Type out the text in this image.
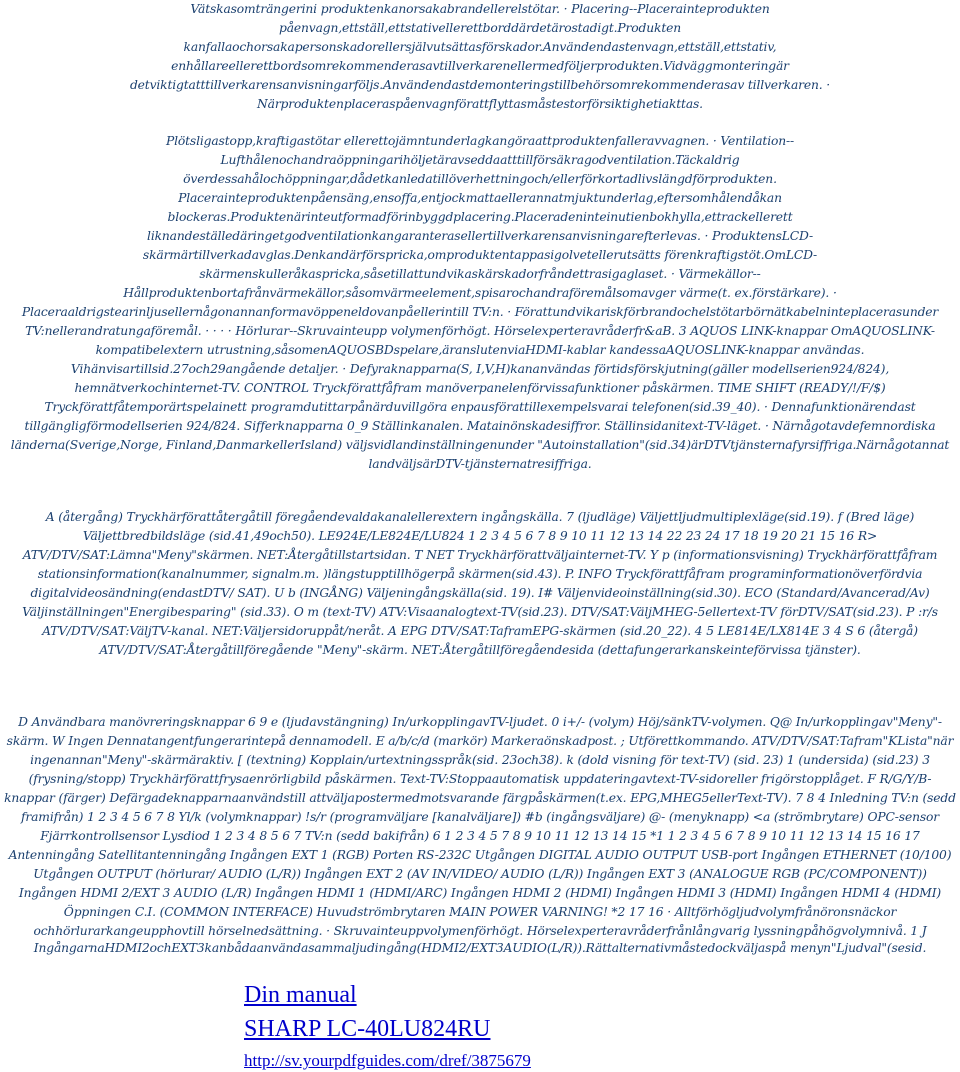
Vätskasomträngerini produktenkanorsakabrandellerelstötar. · Placering--Placerainteprodukten påenvagn,ettställ,ettstativellerettborddärdetärostadigt.Produkten kanfallaochorsakapersonskadorellersjälvutsättasförskador.Användendastenvagn,ettställ,ettstativ, enhållareellerettbordsomrekommenderasavtillverkarenellermedföljerprodukten.Vidväggmonteringär detviktigtatttillverkarensanvisningarföljs.Användendastdemonteringstillbehörsomrekommenderasav tillverkaren. · Närproduktenplaceraspåenvagnförattflyttasmåstestorförsiktighetiakttas.
Plötsligastopp,kraftigastötar ellerettojämntunderlagkangöraattproduktenfalleravvagnen. · Ventilation--Lufthålenochandraöppningarihöljetäravseddaatttillförsäkragodventilation.Täckaldrig överdessahålochöppningar,dådetkanledatillöverhettningoch/ellerförkortadlivslängdförprodukten. Placerainteproduktenpåensäng,ensoffa,entjockmattaellerannatmjuktunderlag,eftersomhålendåkan blockeras.Produktenärinteutformadförinbyggdplacering.Placeradeninteinutienbokhylla,ettrackellerett liknandeställedäringetgodventilationkangaranterasellertillverkarensanvisningarefterlevas. · ProduktensLCD-skärmärtillverkadavglas.Denkandärförspricka,omproduktentappasigolvetellerutsätts förenkraftigstöt.OmLCD-skärmenskulleråkaspricka,såsetillattundvikaskärskadorfråndettrasigaglaset. · Värmekällor--Hållproduktenbortafrånvärmekällor,såsomvärmeelement,spisarochandraföremålsomavger värme(t. ex.förstärkare). · Placeraaldrigstearinljusellernågonannanformavöppeneldovanpåellerintill TV:n. · Förattundvikariskförbrandochelstötarbörnätkabelninteplacerasunder TV:nellerandratungaföremål. · · · · Hörlurar--Skruvainteupp volymenförhögt. Hörselexperteravråderfr&aB. 3 AQUOS LINK-knappar OmAQUOSLINK-kompatibelextern utrustning,såsomenAQUOSBDspelare,äranslutenviaHDMI-kablar kandessaAQUOSLINK-knappar användas. Vihänvisartillsid.27och29angående detaljer. · Defyraknapparna(S, I,V,H)kananvändas förtidsförskjutning(gäller modellserien924/824), hemnätverkochinternet-TV. CONTROL Tryckförattfåfram manöverpanelenförvissafunktioner påskärmen. TIME SHIFT (READY/!/F/$) Tryckförattfåtemporärtspelainett programdutittarpånärduvillgöra enpausförattillexempelsvarai telefonen(sid.39_40). · Dennafunktionärendast tillgängligförmodellserien 924/824. Sifferknapparna 0_9 Ställinkanalen. Matainönskadesiffror. Ställinsidanitext-TV-läget. · Närnågotavdefemnordiska länderna(Sverige,Norge, Finland,DanmarkellerIsland) väljsvidlandinställningenunder "Autoinstallation"(sid.34)ärDTVtjänsternafyrsiffriga.Närnågotannat landväljsärDTV-tjänsternatresiffriga.
A (återgång) Tryckhärförattåtergåtill föregåendevaldakanalellerextern ingångskälla. 7 (ljudläge) Väljettljudmultiplexläge(sid.19). f (Bred läge) Väljettbredbildsläge (sid.41,49och50). LE924E/LE824E/LU824 1 2 3 4 5 6 7 8 9 10 11 12 13 14 22 23 24 17 18 19 20 21 15 16 R> ATV/DTV/SAT:Lämna"Meny"skärmen. NET:Återgåtillstartsidan. T NET Tryckhärförattväljainternet-TV. Y p (informationsvisning) Tryckhärförattfåfram stationsinformation(kanalnummer, signalm.m. )längstupptillhögerpå skärmen(sid.43). P. INFO Tryckförattfåfram programinformationöverfördvia digitalvideosändning(endastDTV/ SAT). U b (INGÅNG) Väljeningångskälla(sid. 19). I# Väljenvideoinställning(sid.30). ECO (Standard/Avancerad/Av) Väljinställningen"Energibesparing" (sid.33). O m (text-TV) ATV:Visaanalogtext-TV(sid.23). DTV/SAT:VäljMHEG-5ellertext-TV förDTV/SAT(sid.23). P :r/s ATV/DTV/SAT:VäljTV-kanal. NET:Väljersidoruppåt/neråt. A EPG DTV/SAT:TaframEPG-skärmen (sid.20_22). 4 5 LE814E/LX814E 3 4 S 6 (återgå) ATV/DTV/SAT:Återgåtillföregående "Meny"-skärm. NET:Återgåtillföregåendesida (dettafungerarkanskeinteförvissa tjänster).
D Användbara manövreringsknappar 6 9 e (ljudavstängning) In/urkopplingavTV-ljudet. 0 i+/- (volym) Höj/sänkTV-volymen. Q@ In/urkopplingav"Meny"-skärm. W Ingen Dennatangentfungerarintepå dennamodell. E a/b/c/d (markör) Markeraönskadpost. ; Utförettkommando. ATV/DTV/SAT:Tafram"KLista"när ingenannan"Meny"-skärmäraktiv. [ (textning) Kopplain/urtextningsspråk(sid. 23och38). k (dold visning för text-TV) (sid. 23) 1 (undersida) (sid.23) 3 (frysning/stopp) Tryckhärförattfrysaenrörligbild påskärmen. Text-TV:Stoppaautomatisk uppdateringavtext-TV-sidoreller frigörstopplåget. F R/G/Y/B-knappar (färger) Defärgadeknapparnaanvändstill attväljapostermedmotsvarande färgpåskärmen(t.ex. EPG,MHEG5ellerText-TV). 7 8 4 Inledning TV:n (sedd framifrån) 1 2 3 4 5 6 7 8 Yl/k (volymknappar) !s/r (programväljare [kanalväljare]) #b (ingångsväljare) @- (menyknapp) <a (strömbrytare) OPC-sensor Fjärrkontrollsensor Lysdiod 1 2 3 4 8 5 6 7 TV:n (sedd bakifrån) 6 1 2 3 4 5 7 8 9 10 11 12 13 14 15 *1 1 2 3 4 5 6 7 8 9 10 11 12 13 14 15 16 17 Antenningång Satellitantenningång Ingången EXT 1 (RGB) Porten RS-232C Utgången DIGITAL AUDIO OUTPUT USB-port Ingången ETHERNET (10/100) Utgången OUTPUT (hörlurar/ AUDIO (L/R)) Ingången EXT 2 (AV IN/VIDEO/ AUDIO (L/R)) Ingången EXT 3 (ANALOGUE RGB (PC/COMPONENT)) Ingången HDMI 2/EXT 3 AUDIO (L/R) Ingången HDMI 1 (HDMI/ARC) Ingången HDMI 2 (HDMI) Ingången HDMI 3 (HDMI) Ingången HDMI 4 (HDMI) Öppningen C.I. (COMMON INTERFACE) Huvudströmbrytaren MAIN POWER VARNING! *2 17 16 · Alltförhögljudvolymfrånöronsnäckor ochhörlurarkangeupphovtill hörselnedsättning. · Skruvainteuppvolymenförhögt. Hörselexperteravråderfrånlångvarig lyssningpåhögvolymnivå. 1 J
IngångarnaHDMI2ochEXT3kanbådaanvändasammaljudingång(HDMI2/EXT3AUDIO(L/R)).Rättalternativmåstedockväljaspå menyn"Ljudval"(sesid.
Din manual
SHARP LC-40LU824RU
http://sv.yourpdfguides.com/dref/3875679
